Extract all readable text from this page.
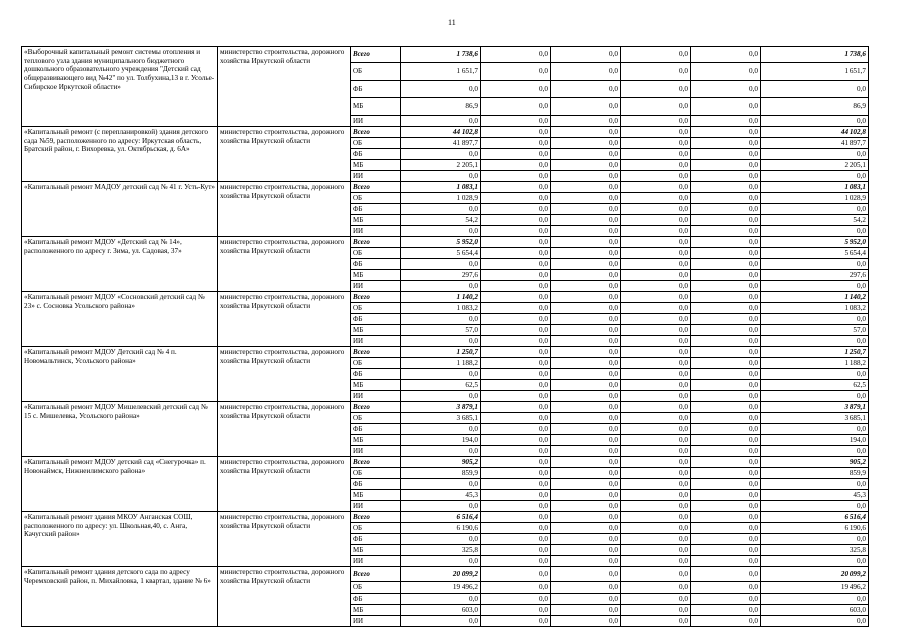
11
«Выборочный капитальный ремонт системы отопления и теплового узла здания муниципального бюджетного дошкольного образовательного учреждения "Детский сад общеразвивающего вид №42" по ул. Толбухина,13 в г. Усолье-Сибирское Иркутской области»	министерство строительства, дорожного хозяйства Иркутской области	Всего	1 738,6	0,0	0,0	0,0	0,0	1 738,6
		ОБ	1 651,7	0,0	0,0	0,0	0,0	1 651,7
		ФБ	0,0	0,0	0,0	0,0	0,0	0,0
		МБ	86,9	0,0	0,0	0,0	0,0	86,9
		ИИ	0,0	0,0	0,0	0,0	0,0	0,0
«Капитальный ремонт (с перепланировкой) здания детского сада №59, расположенного по адресу: Иркутская область, Братский район, г. Вихоревка, ул. Октябрьская, д. 6А»	министерство строительства, дорожного хозяйства Иркутской области	Всего	44 102,8	0,0	0,0	0,0	0,0	44 102,8
		ОБ	41 897,7	0,0	0,0	0,0	0,0	41 897,7
		ФБ	0,0	0,0	0,0	0,0	0,0	0,0
		МБ	2 205,1	0,0	0,0	0,0	0,0	2 205,1
		ИИ	0,0	0,0	0,0	0,0	0,0	0,0
«Капитальный ремонт МАДОУ детский сад № 41 г. Усть-Кут»	министерство строительства, дорожного хозяйства Иркутской области	Всего	1 083,1	0,0	0,0	0,0	0,0	1 083,1
		ОБ	1 028,9	0,0	0,0	0,0	0,0	1 028,9
		ФБ	0,0	0,0	0,0	0,0	0,0	0,0
		МБ	54,2	0,0	0,0	0,0	0,0	54,2
		ИИ	0,0	0,0	0,0	0,0	0,0	0,0
«Капитальный ремонт МДОУ «Детский сад № 14», расположенного по адресу г. Зима, ул. Садовая, 37»	министерство строительства, дорожного хозяйства Иркутской области	Всего	5 952,0	0,0	0,0	0,0	0,0	5 952,0
		ОБ	5 654,4	0,0	0,0	0,0	0,0	5 654,4
		ФБ	0,0	0,0	0,0	0,0	0,0	0,0
		МБ	297,6	0,0	0,0	0,0	0,0	297,6
		ИИ	0,0	0,0	0,0	0,0	0,0	0,0
«Капитальный ремонт МДОУ «Сосновский детский сад № 23» с. Сосновка Усольского района»	министерство строительства, дорожного хозяйства Иркутской области	Всего	1 140,2	0,0	0,0	0,0	0,0	1 140,2
		ОБ	1 083,2	0,0	0,0	0,0	0,0	1 083,2
		ФБ	0,0	0,0	0,0	0,0	0,0	0,0
		МБ	57,0	0,0	0,0	0,0	0,0	57,0
		ИИ	0,0	0,0	0,0	0,0	0,0	0,0
«Капитальный ремонт МДОУ Детский сад № 4 п. Новомальтинск, Усольского района»	министерство строительства, дорожного хозяйства Иркутской области	Всего	1 250,7	0,0	0,0	0,0	0,0	1 250,7
		ОБ	1 188,2	0,0	0,0	0,0	0,0	1 188,2
		ФБ	0,0	0,0	0,0	0,0	0,0	0,0
		МБ	62,5	0,0	0,0	0,0	0,0	62,5
		ИИ	0,0	0,0	0,0	0,0	0,0	0,0
«Капитальный ремонт МДОУ Мишелевский детский сад № 15 с. Мишелевка, Усольского района»	министерство строительства, дорожного хозяйства Иркутской области	Всего	3 879,1	0,0	0,0	0,0	0,0	3 879,1
		ОБ	3 685,1	0,0	0,0	0,0	0,0	3 685,1
		ФБ	0,0	0,0	0,0	0,0	0,0	0,0
		МБ	194,0	0,0	0,0	0,0	0,0	194,0
		ИИ	0,0	0,0	0,0	0,0	0,0	0,0
«Капитальный ремонт МДОУ детский сад «Снегурочка» п. Новонаймск, Нижнеилимского района»	министерство строительства, дорожного хозяйства Иркутской области	Всего	905,2	0,0	0,0	0,0	0,0	905,2
		ОБ	859,9	0,0	0,0	0,0	0,0	859,9
		ФБ	0,0	0,0	0,0	0,0	0,0	0,0
		МБ	45,3	0,0	0,0	0,0	0,0	45,3
		ИИ	0,0	0,0	0,0	0,0	0,0	0,0
«Капитальный ремонт здания МКОУ Анганская СОШ, расположенного по адресу: ул. Школьная,40, с. Анга, Качугский район»	министерство строительства, дорожного хозяйства Иркутской области	Всего	6 516,4	0,0	0,0	0,0	0,0	6 516,4
		ОБ	6 190,6	0,0	0,0	0,0	0,0	6 190,6
		ФБ	0,0	0,0	0,0	0,0	0,0	0,0
		МБ	325,8	0,0	0,0	0,0	0,0	325,8
		ИИ	0,0	0,0	0,0	0,0	0,0	0,0
«Капитальный ремонт здания детского сада по адресу Черемховский район, п. Михайловка, 1 квартал, здание № 6»	министерство строительства, дорожного хозяйства Иркутской области	Всего	20 099,2	0,0	0,0	0,0	0,0	20 099,2
		ОБ	19 496,2	0,0	0,0	0,0	0,0	19 496,2
		ФБ	0,0	0,0	0,0	0,0	0,0	0,0
		МБ	603,0	0,0	0,0	0,0	0,0	603,0
		ИИ	0,0	0,0	0,0	0,0	0,0	0,0
